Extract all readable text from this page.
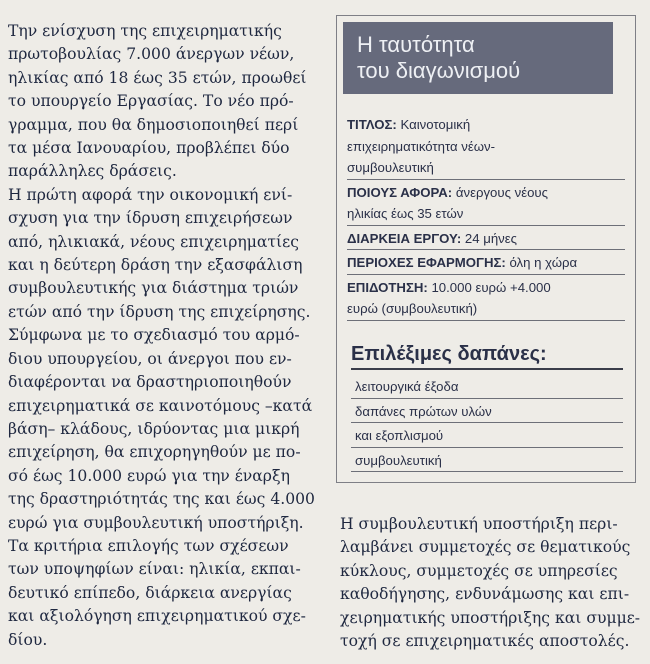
Την ενίσχυση της επιχειρηματικής
πρωτοβουλίας 7.000 άνεργων νέων,
ηλικίας από 18 έως 35 ετών, προωθεί
το υπουργείο Εργασίας. Το νέο πρό-
γραμμα, που θα δημοσιοποιηθεί περί
τα μέσα Ιανουαρίου, προβλέπει δύο
παράλληλες δράσεις.
Η πρώτη αφορά την οικονομική ενί-
σχυση για την ίδρυση επιχειρήσεων
από, ηλικιακά, νέους επιχειρηματίες
και η δεύτερη δράση την εξασφάλιση
συμβουλευτικής για διάστημα τριών
ετών από την ίδρυση της επιχείρησης.
Σύμφωνα με το σχεδιασμό του αρμό-
διου υπουργείου, οι άνεργοι που εν-
διαφέρονται να δραστηριοποιηθούν
επιχειρηματικά σε καινοτόμους –κατά
βάση– κλάδους, ιδρύοντας μια μικρή
επιχείρηση, θα επιχορηγηθούν με πο-
σό έως 10.000 ευρώ για την έναρξη
της δραστηριότητάς της και έως 4.000
ευρώ για συμβουλευτική υποστήριξη.
Τα κριτήρια επιλογής των σχέσεων
των υποψηφίων είναι: ηλικία, εκπαι-
δευτικό επίπεδο, διάρκεια ανεργίας
και αξιολόγηση επιχειρηματικού σχε-
δίου.
Η ταυτότητα
του διαγωνισμού
ΤΙΤΛΟΣ: Καινοτομική
επιχειρηματικότητα νέων-
συμβουλευτική
ΠΟΙΟΥΣ ΑΦΟΡΑ: άνεργους νέους
ηλικίας έως 35 ετών
ΔΙΑΡΚΕΙΑ ΕΡΓΟΥ: 24 μήνες
ΠΕΡΙΟΧΕΣ ΕΦΑΡΜΟΓΗΣ: όλη η χώρα
ΕΠΙΔΟΤΗΣΗ: 10.000 ευρώ +4.000
ευρώ (συμβουλευτική)
Επιλέξιμες δαπάνες:
λειτουργικά έξοδα
δαπάνες πρώτων υλών
και εξοπλισμού
συμβουλευτική
Η συμβουλευτική υποστήριξη περι-
λαμβάνει συμμετοχές σε θεματικούς
κύκλους, συμμετοχές σε υπηρεσίες
καθοδήγησης, ενδυνάμωσης και επι-
χειρηματικής υποστήριξης και συμμε-
τοχή σε επιχειρηματικές αποστολές.
